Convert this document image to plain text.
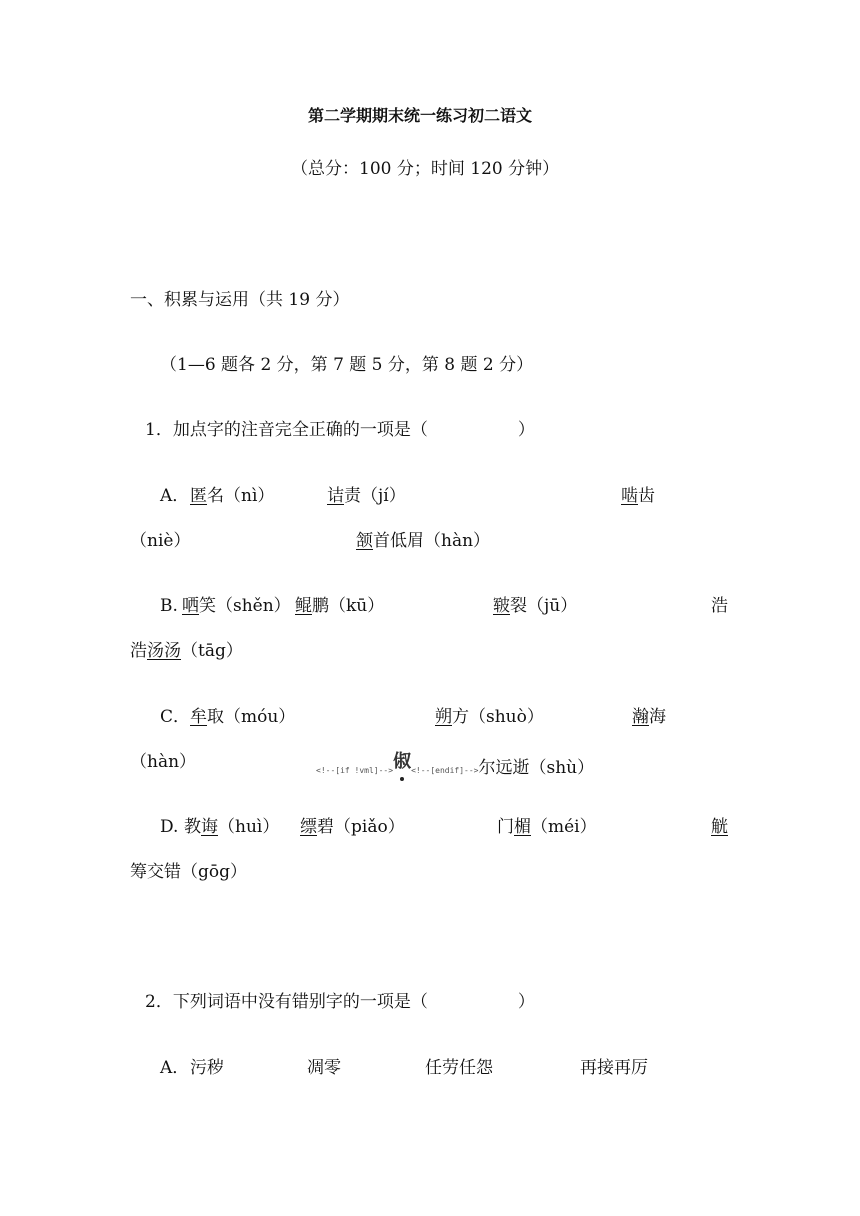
第二学期期末统一练习初二语文
（总分：100 分；时间 120 分钟）
一、积累与运用（共 19 分）
（1—6 题各 2 分，第 7 题 5 分，第 8 题 2 分）
1．加点字的注音完全正确的一项是（	）
A． 匿名（nì）	诘责（jí）	啮齿
（niè）	颔首低眉（hàn）
B. 哂笑（shěn） 鲲鹏（kū）	皲裂（jū）	浩
浩汤汤（tāg）
C． 牟取（móu）	朔方（shuò）	瀚海
（hàn）	<!--[if !vml]-->俶
<!--[endif]-->尔远逝（shù）
D. 教诲（huì） 缥碧（piǎo）	门楣（méi）	觥
筹交错（gōg）
2．下列词语中没有错别字的一项是（	）
A． 污秽	凋零	任劳任怨	再接再厉
